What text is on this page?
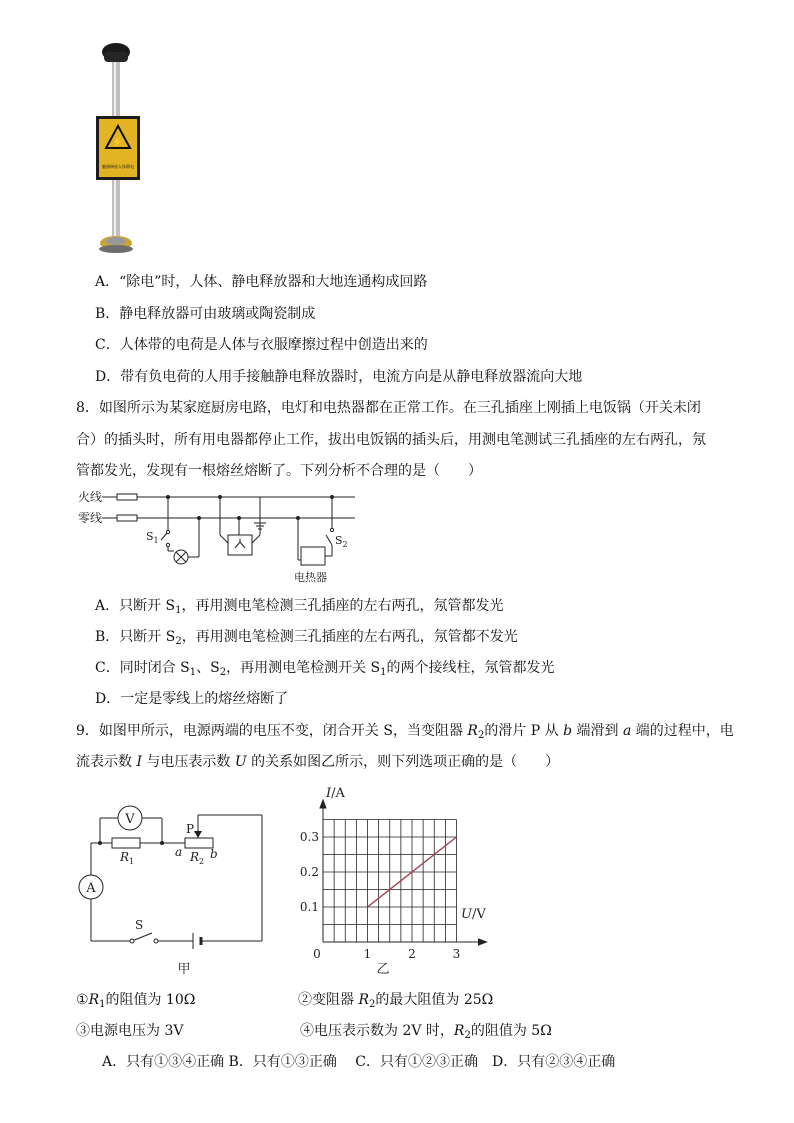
⚡
触摸释放人体静电
A．“除电”时，人体、静电释放器和大地连通构成回路
B．静电释放器可由玻璃或陶瓷制成
C．人体带的电荷是人体与衣服摩擦过程中创造出来的
D．带有负电荷的人用手接触静电释放器时，电流方向是从静电释放器流向大地
8．如图所示为某家庭厨房电路，电灯和电热器都在正常工作。在三孔插座上刚插上电饭锅（开关未闭
合）的插头时，所有用电器都停止工作，拔出电饭锅的插头后，用测电笔测试三孔插座的左右两孔，氖
管都发光，发现有一根熔丝熔断了。下列分析不合理的是（　　）
火线
零线
$S_1$	$S_2$
电热器
A．只断开 $S_1$，再用测电笔检测三孔插座的左右两孔，氖管都发光
B．只断开 $S_2$，再用测电笔检测三孔插座的左右两孔，氖管都不发光
C．同时闭合 $S_1$、$S_2$，再用测电笔检测开关 $S_1$的两个接线柱，氖管都发光
D．一定是零线上的熔丝熔断了
9．如图甲所示，电源两端的电压不变，闭合开关 S，当变阻器 $R_2$的滑片 P 从 b 端滑到 a 端的过程中，电
流表示数 I 与电压表示数 U 的关系如图乙所示，则下列选项正确的是（　　）
V
A
P
$R_1$
a $R_2$
b
S
甲
0	1	2	3
0.1
0.2
0.3
I/A
U/V
乙
$①R_1$的阻值为 10Ω	②变阻器 $R_2$的最大阻值为 25Ω
③电源电压为 3V	④电压表示数为 2V 时，$R_2$的阻值为 5Ω
A．只有①③④正确 B．只有①③正确　 C．只有①②③正确　D．只有②③④正确
